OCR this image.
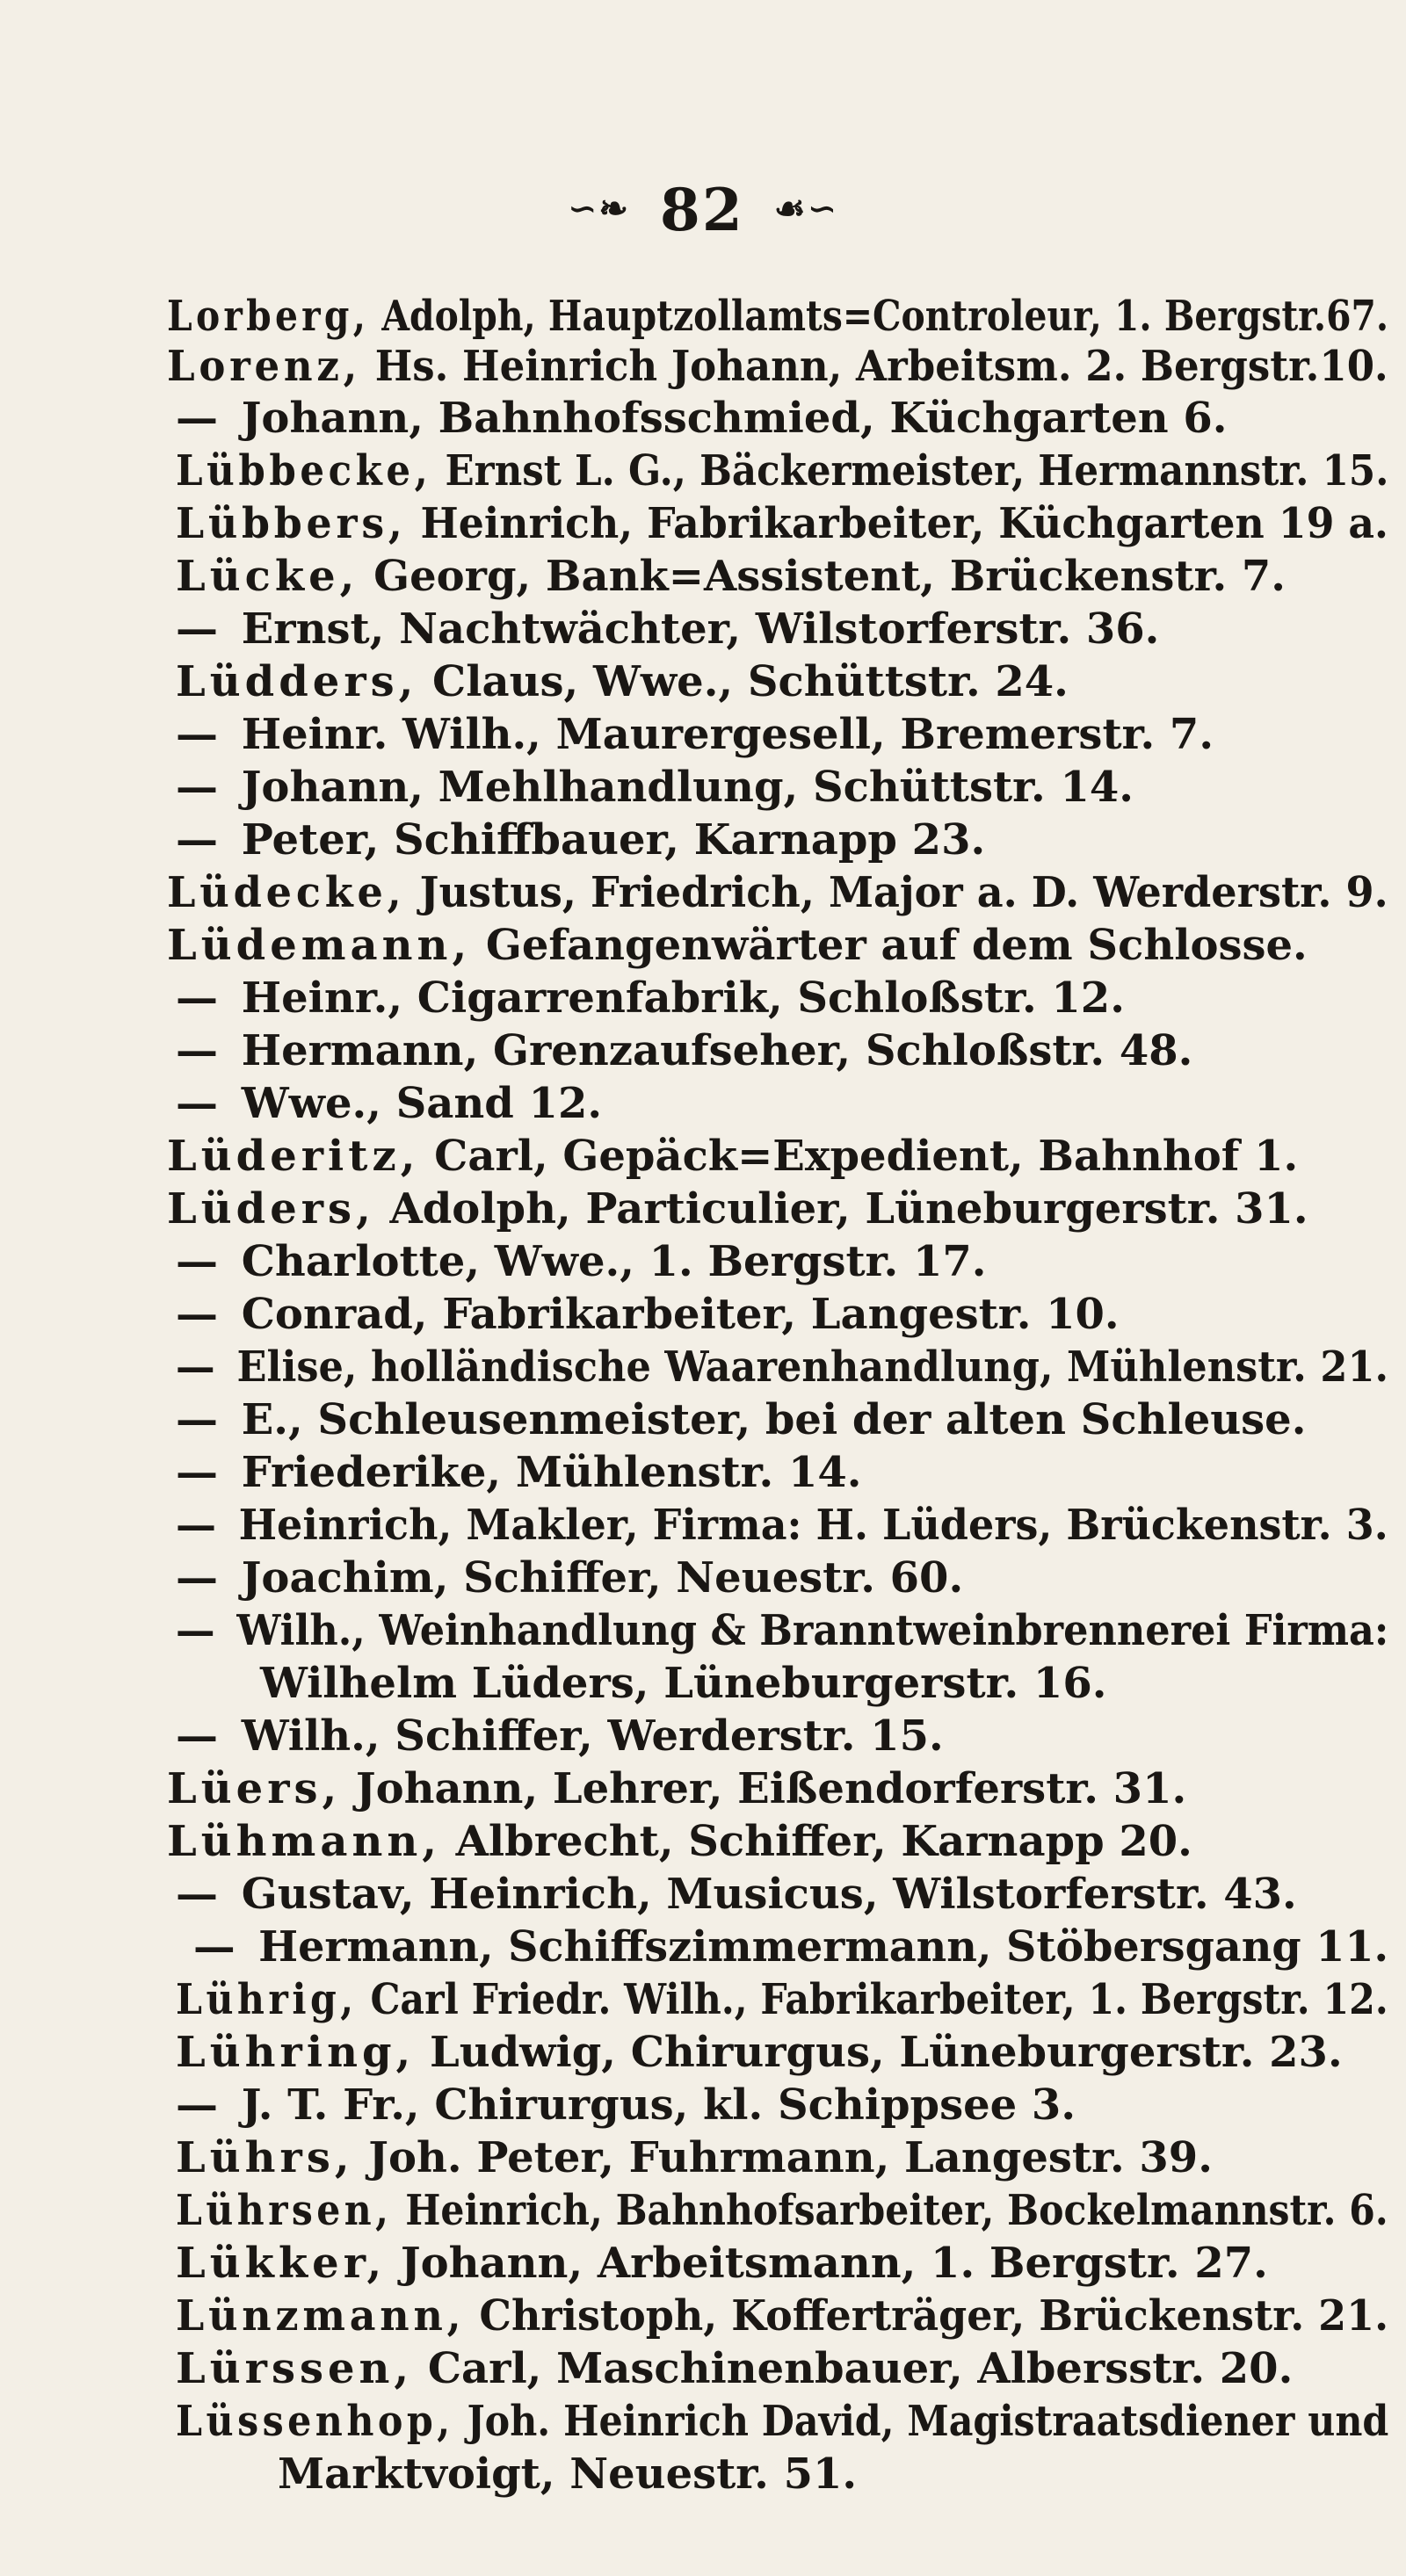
∽❧ 82 ☙∽
Lorberg, Adolph, Hauptzollamts=Controleur, 1. Bergstr.67.
Lorenz, Hs. Heinrich Johann, Arbeitsm. 2. Bergstr.10.
— Johann, Bahnhofsschmied, Küchgarten 6.
Lübbecke, Ernst L. G., Bäckermeister, Hermannstr. 15.
Lübbers, Heinrich, Fabrikarbeiter, Küchgarten 19 a.
Lücke, Georg, Bank=Assistent, Brückenstr. 7.
— Ernst, Nachtwächter, Wilstorferstr. 36.
Lüdders, Claus, Wwe., Schüttstr. 24.
— Heinr. Wilh., Maurergesell, Bremerstr. 7.
— Johann, Mehlhandlung, Schüttstr. 14.
— Peter, Schiffbauer, Karnapp 23.
Lüdecke, Justus, Friedrich, Major a. D. Werderstr. 9.
Lüdemann, Gefangenwärter auf dem Schlosse.
— Heinr., Cigarrenfabrik, Schloßstr. 12.
— Hermann, Grenzaufseher, Schloßstr. 48.
— Wwe., Sand 12.
Lüderitz, Carl, Gepäck=Expedient, Bahnhof 1.
Lüders, Adolph, Particulier, Lüneburgerstr. 31.
— Charlotte, Wwe., 1. Bergstr. 17.
— Conrad, Fabrikarbeiter, Langestr. 10.
— Elise, holländische Waarenhandlung, Mühlenstr. 21.
— E., Schleusenmeister, bei der alten Schleuse.
— Friederike, Mühlenstr. 14.
— Heinrich, Makler, Firma: H. Lüders, Brückenstr. 3.
— Joachim, Schiffer, Neuestr. 60.
— Wilh., Weinhandlung & Branntweinbrennerei Firma:
Wilhelm Lüders, Lüneburgerstr. 16.
— Wilh., Schiffer, Werderstr. 15.
Lüers, Johann, Lehrer, Eißendorferstr. 31.
Lühmann, Albrecht, Schiffer, Karnapp 20.
— Gustav, Heinrich, Musicus, Wilstorferstr. 43.
— Hermann, Schiffszimmermann, Stöbersgang 11.
Lührig, Carl Friedr. Wilh., Fabrikarbeiter, 1. Bergstr. 12.
Lühring, Ludwig, Chirurgus, Lüneburgerstr. 23.
— J. T. Fr., Chirurgus, kl. Schippsee 3.
Lührs, Joh. Peter, Fuhrmann, Langestr. 39.
Lührsen, Heinrich, Bahnhofsarbeiter, Bockelmannstr. 6.
Lükker, Johann, Arbeitsmann, 1. Bergstr. 27.
Lünzmann, Christoph, Kofferträger, Brückenstr. 21.
Lürssen, Carl, Maschinenbauer, Albersstr. 20.
Lüssenhop, Joh. Heinrich David, Magistraatsdiener und
Marktvoigt, Neuestr. 51.
